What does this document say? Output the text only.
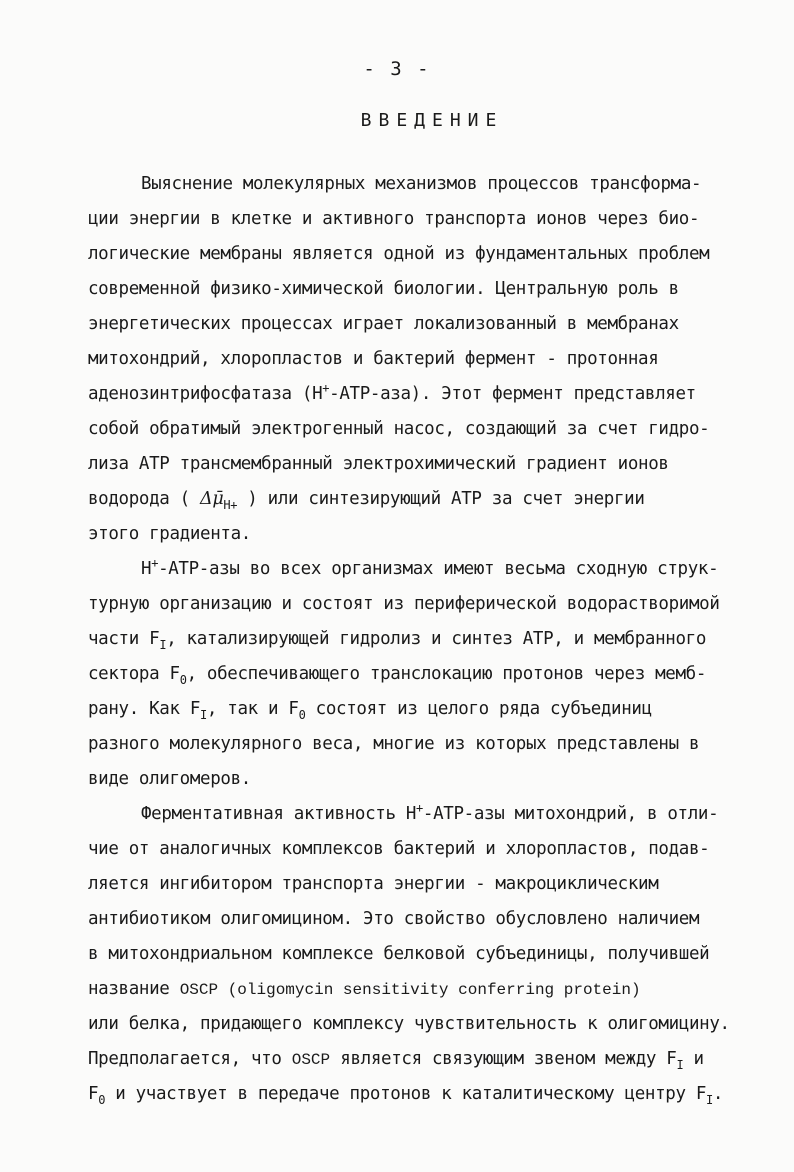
- 3 -
ВВЕДЕНИЕ
Выяснение молекулярных механизмов процессов трансформа-
ции энергии в клетке и активного транспорта ионов через био-
логические мембраны является одной из фундаментальных проблем
современной физико-химической биологии. Центральную роль в
энергетических процессах играет локализованный в мембранах
митохондрий, хлоропластов и бактерий фермент - протонная
аденозинтрифосфатаза (H+-АТР-аза). Этот фермент представляет
собой обратимый электрогенный насос, создающий за счет гидро-
лиза АТР трансмембранный электрохимический градиент ионов
водорода ( $\Delta\mū_{H+}$ ) или синтезирующий АТР за счет энергии
этого градиента.
H+-АТР-азы во всех организмах имеют весьма сходную струк-
турную организацию и состоят из периферической водорастворимой
части $F_I$, катализирующей гидролиз и синтез АТР, и мембранного
сектора $F_0$, обеспечивающего транслокацию протонов через мемб-
рану. Как $F_I$, так и $F_0$ состоят из целого ряда субъединиц
разного молекулярного веса, многие из которых представлены в
виде олигомеров.
Ферментативная активность H+-АТР-азы митохондрий, в отли-
чие от аналогичных комплексов бактерий и хлоропластов, подав-
ляется ингибитором транспорта энергии - макроциклическим
антибиотиком олигомицином. Это свойство обусловлено наличием
в митохондриальном комплексе белковой субъединицы, получившей
название OSCP (oligomycin sensitivity conferring protein)
или белка, придающего комплексу чувствительность к олигомицину.
Предполагается, что OSCP является связующим звеном между $F_I$ и
$F_0$ и участвует в передаче протонов к каталитическому центру $F_I$.
